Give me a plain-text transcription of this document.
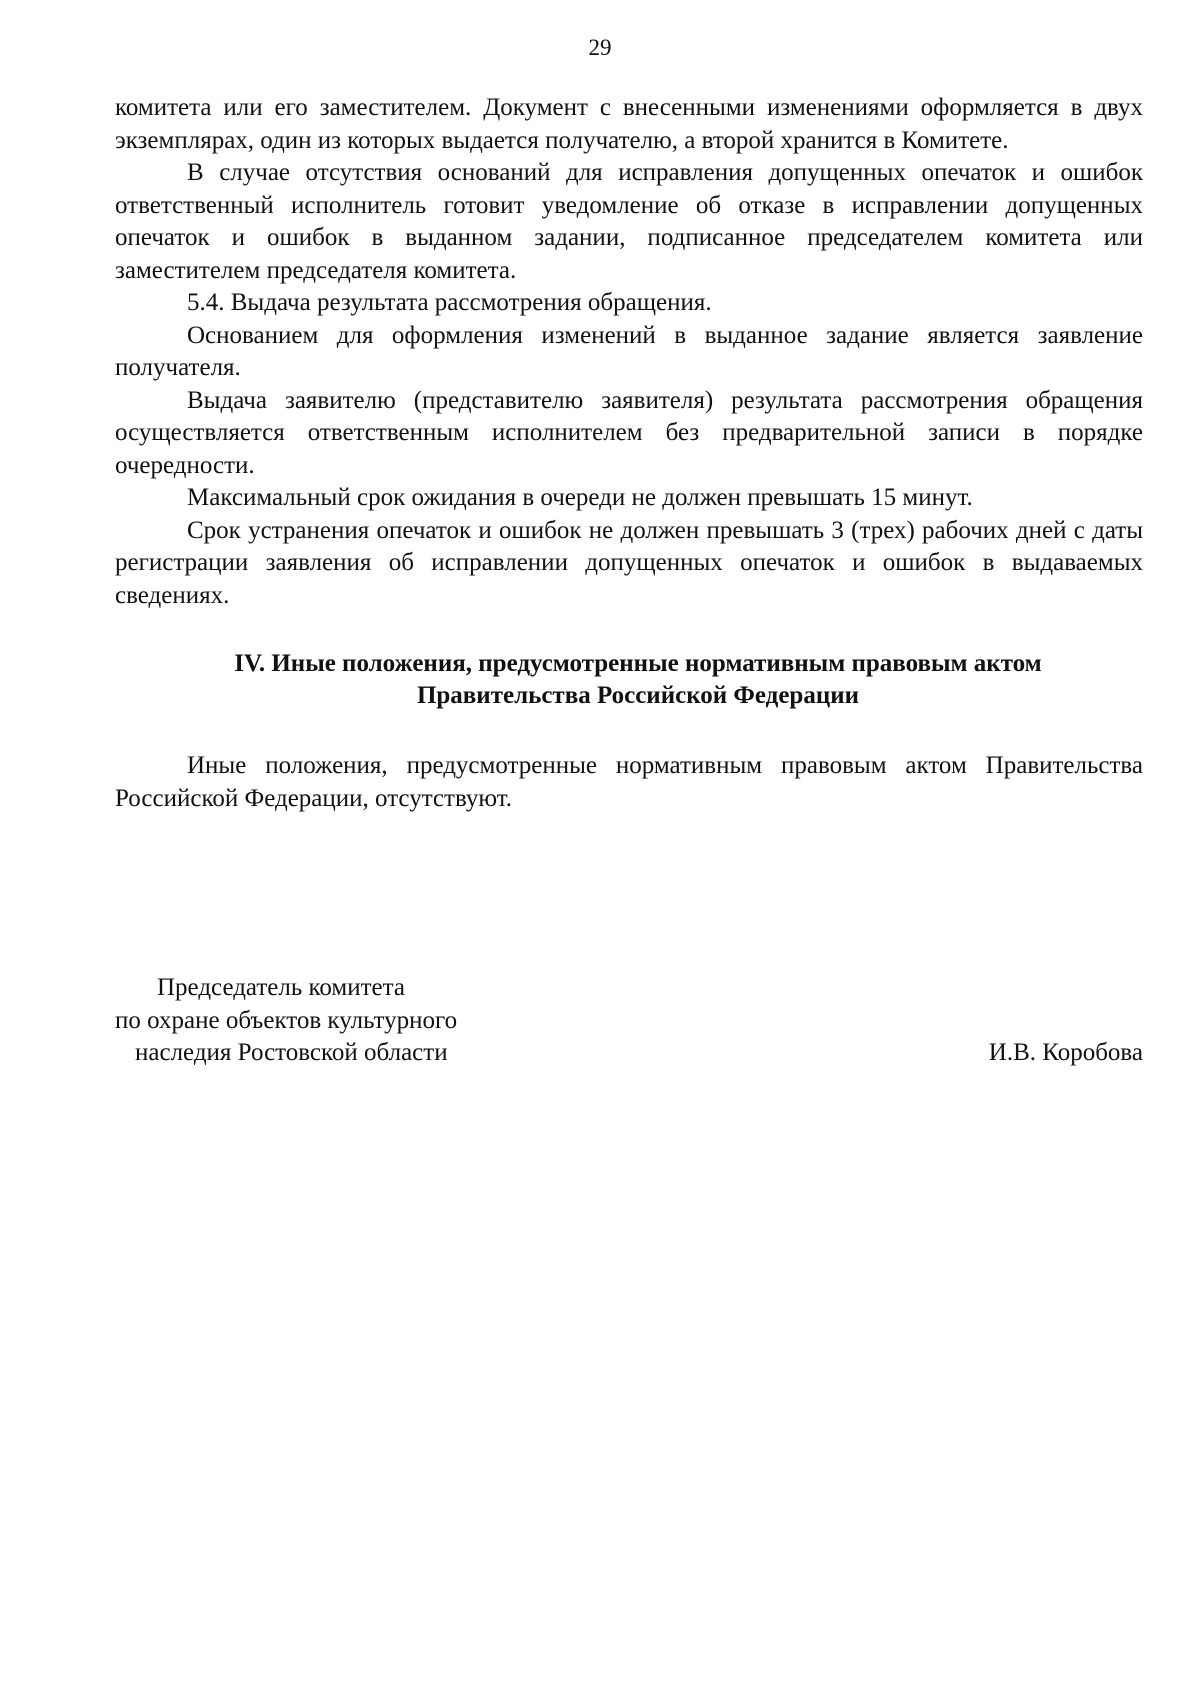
29

комитета или его заместителем. Документ с внесенными изменениями оформляется в двух экземплярах, один из которых выдается получателю, а второй хранится в Комитете.

В случае отсутствия оснований для исправления допущенных опечаток и ошибок ответственный исполнитель готовит уведомление об отказе в исправлении допущенных опечаток и ошибок в выданном задании, подписанное председателем комитета или заместителем председателя комитета.

5.4. Выдача результата рассмотрения обращения.

Основанием для оформления изменений в выданное задание является заявление получателя.

Выдача заявителю (представителю заявителя) результата рассмотрения обращения осуществляется ответственным исполнителем без предварительной записи в порядке очередности.

Максимальный срок ожидания в очереди не должен превышать 15 минут.

Срок устранения опечаток и ошибок не должен превышать 3 (трех) рабочих дней с даты регистрации заявления об исправлении допущенных опечаток и ошибок в выдаваемых сведениях.

IV. Иные положения, предусмотренные нормативным правовым актом
Правительства Российской Федерации

Иные положения, предусмотренные нормативным правовым актом Правительства Российской Федерации, отсутствуют.

Председатель комитета
по охране объектов культурного
наследия Ростовской области	И.В. Коробова
